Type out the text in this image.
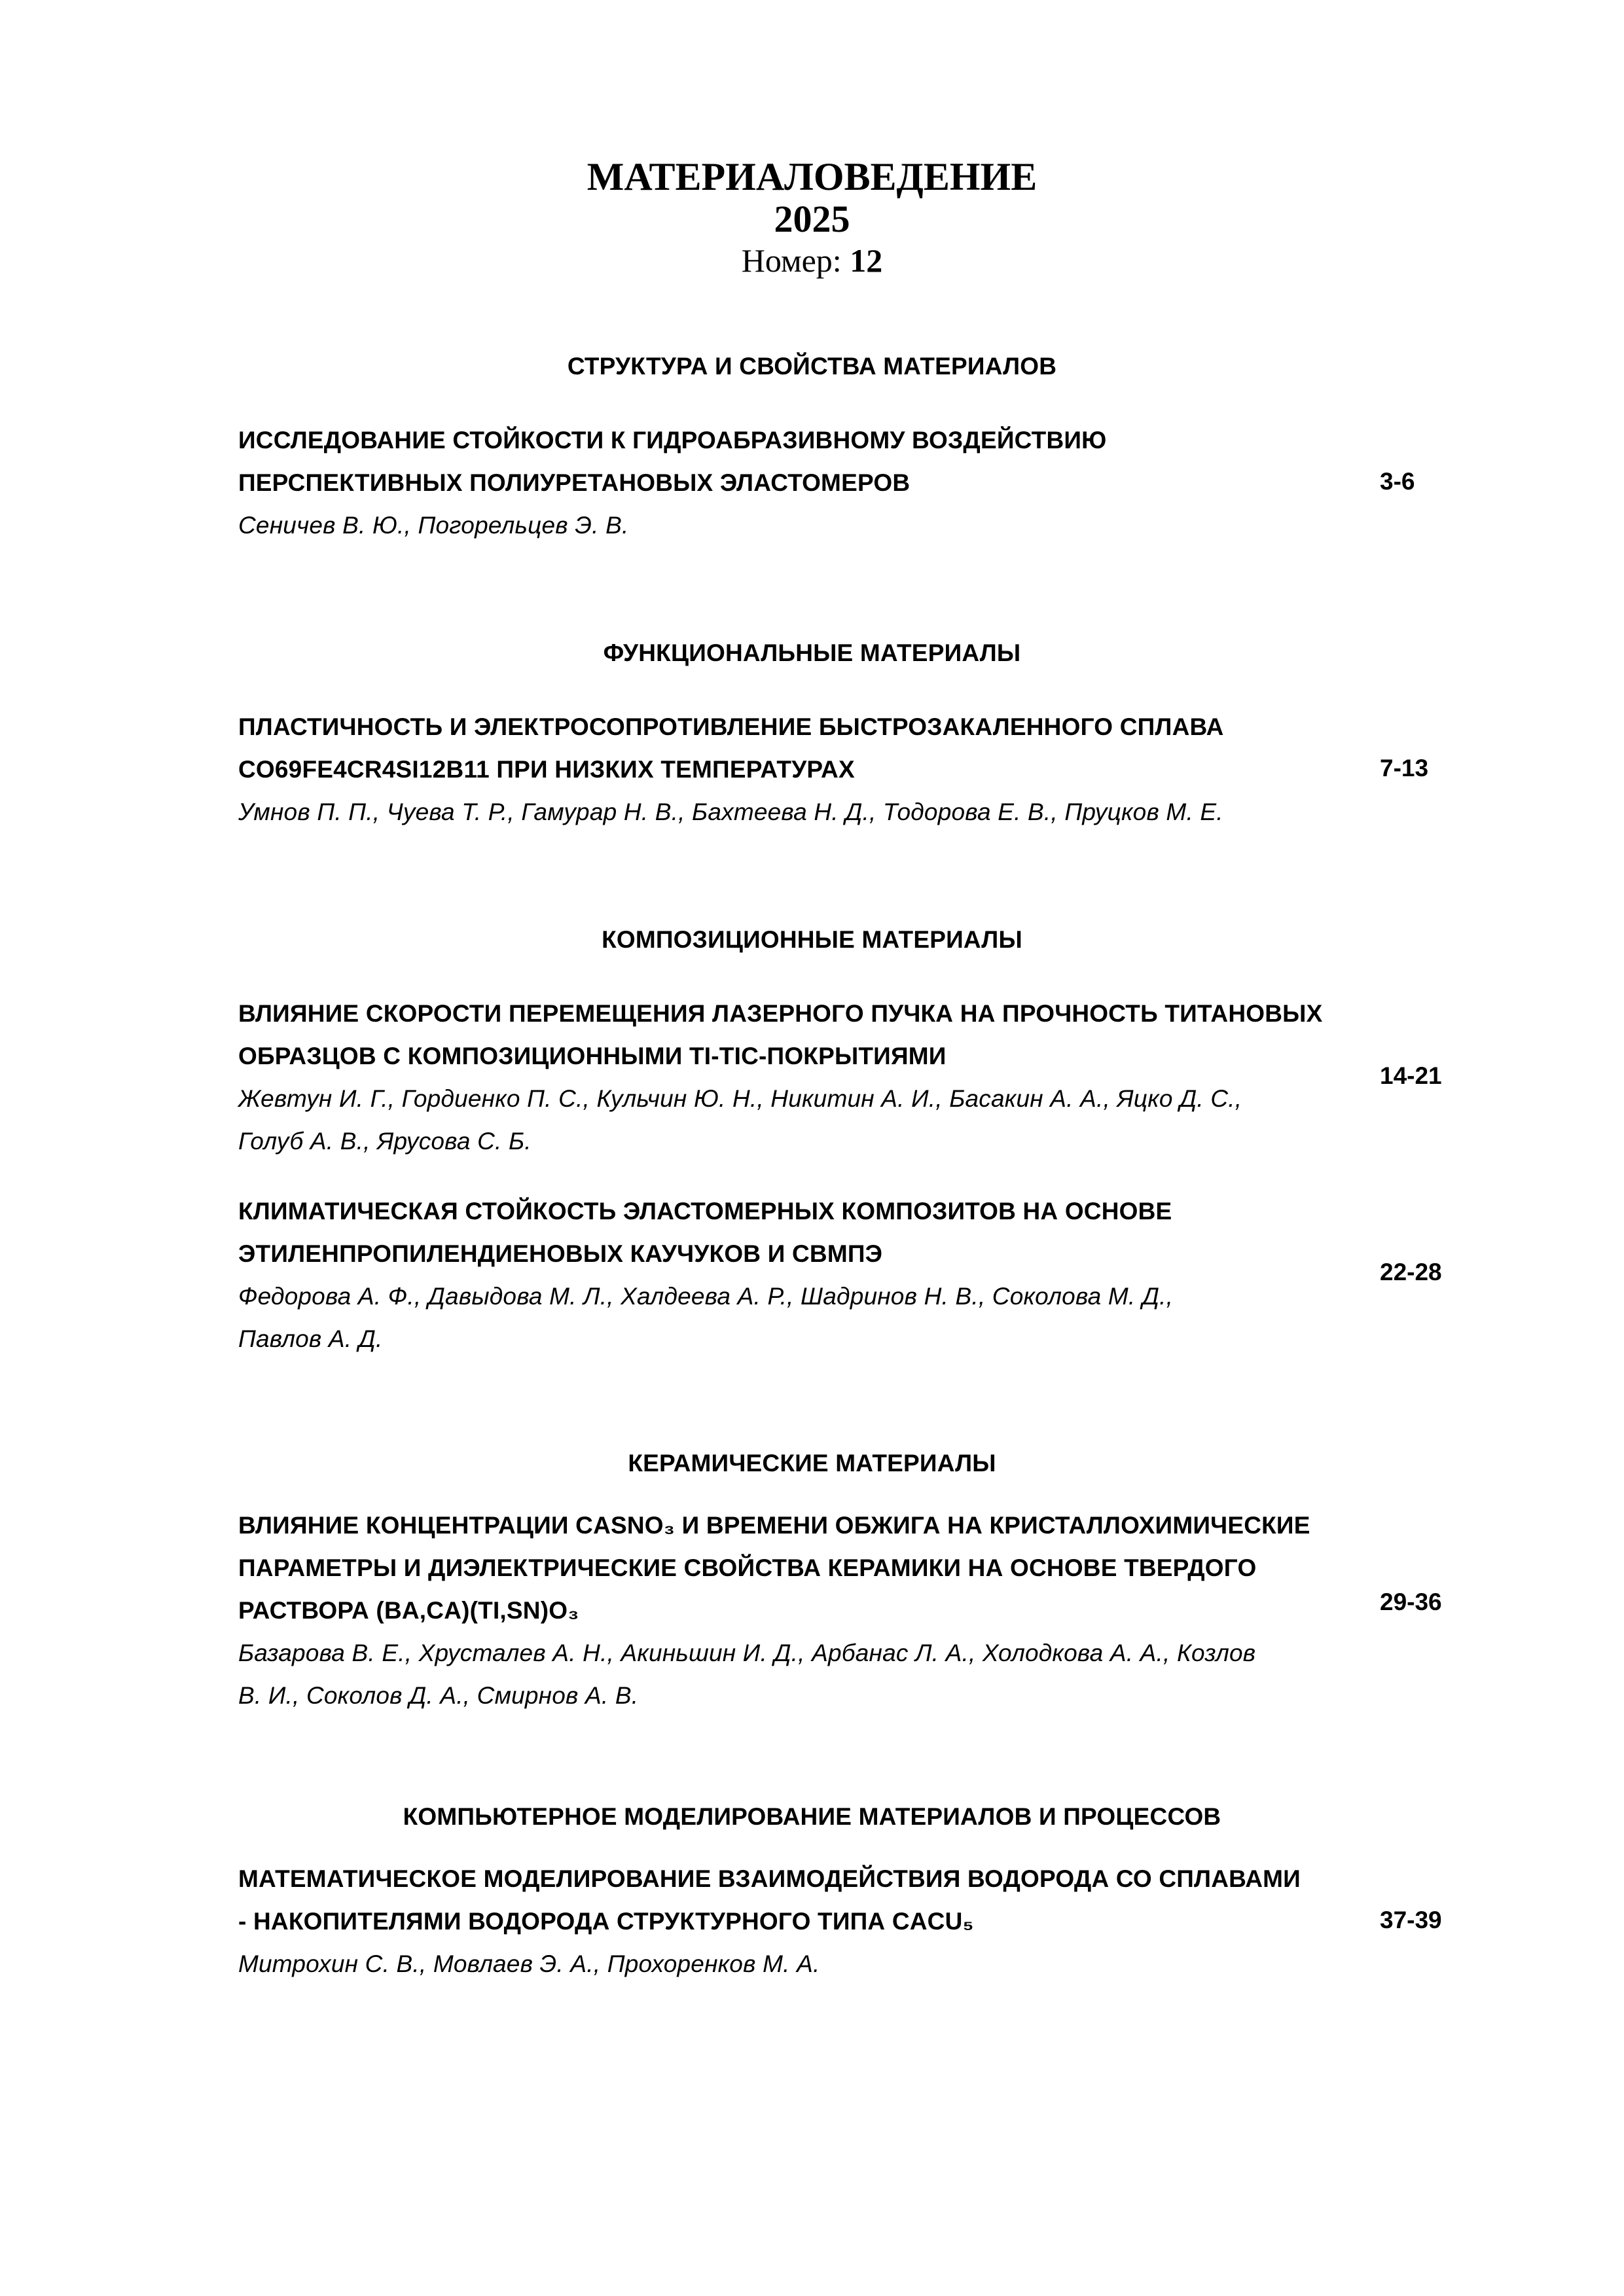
МАТЕРИАЛОВЕДЕНИЕ
2025
Номер: 12
СТРУКТУРА И СВОЙСТВА МАТЕРИАЛОВ
ИССЛЕДОВАНИЕ СТОЙКОСТИ К ГИДРОАБРАЗИВНОМУ ВОЗДЕЙСТВИЮ
ПЕРСПЕКТИВНЫХ ПОЛИУРЕТАНОВЫХ ЭЛАСТОМЕРОВ
Сеничев В. Ю., Погорельцев Э. В.
3-6
ФУНКЦИОНАЛЬНЫЕ МАТЕРИАЛЫ
ПЛАСТИЧНОСТЬ И ЭЛЕКТРОСОПРОТИВЛЕНИЕ БЫСТРОЗАКАЛЕННОГО СПЛАВА
CO69FE4CR4SI12B11 ПРИ НИЗКИХ ТЕМПЕРАТУРАХ
Умнов П. П., Чуева Т. Р., Гамурар Н. В., Бахтеева Н. Д., Тодорова Е. В., Пруцков М. Е.
7-13
КОМПОЗИЦИОННЫЕ МАТЕРИАЛЫ
ВЛИЯНИЕ СКОРОСТИ ПЕРЕМЕЩЕНИЯ ЛАЗЕРНОГО ПУЧКА НА ПРОЧНОСТЬ ТИТАНОВЫХ
ОБРАЗЦОВ С КОМПОЗИЦИОННЫМИ TI-TIC-ПОКРЫТИЯМИ
Жевтун И. Г., Гордиенко П. С., Кульчин Ю. Н., Никитин А. И., Басакин А. А., Яцко Д. С.,
Голуб А. В., Ярусова С. Б.
14-21
КЛИМАТИЧЕСКАЯ СТОЙКОСТЬ ЭЛАСТОМЕРНЫХ КОМПОЗИТОВ НА ОСНОВЕ
ЭТИЛЕНПРОПИЛЕНДИЕНОВЫХ КАУЧУКОВ И СВМПЭ
Федорова А. Ф., Давыдова М. Л., Халдеева А. Р., Шадринов Н. В., Соколова М. Д.,
Павлов А. Д.
22-28
КЕРАМИЧЕСКИЕ МАТЕРИАЛЫ
ВЛИЯНИЕ КОНЦЕНТРАЦИИ CASNO₃ И ВРЕМЕНИ ОБЖИГА НА КРИСТАЛЛОХИМИЧЕСКИЕ
ПАРАМЕТРЫ И ДИЭЛЕКТРИЧЕСКИЕ СВОЙСТВА КЕРАМИКИ НА ОСНОВЕ ТВЕРДОГО
РАСТВОРА (BA,CA)(TI,SN)O₃
Базарова В. Е., Хрусталев А. Н., Акиньшин И. Д., Арбанас Л. А., Холодкова А. А., Козлов
В. И., Соколов Д. А., Смирнов А. В.
29-36
КОМПЬЮТЕРНОЕ МОДЕЛИРОВАНИЕ МАТЕРИАЛОВ И ПРОЦЕССОВ
МАТЕМАТИЧЕСКОЕ МОДЕЛИРОВАНИЕ ВЗАИМОДЕЙСТВИЯ ВОДОРОДА СО СПЛАВАМИ
- НАКОПИТЕЛЯМИ ВОДОРОДА СТРУКТУРНОГО ТИПА CACU₅
Митрохин С. В., Мовлаев Э. А., Прохоренков М. А.
37-39
